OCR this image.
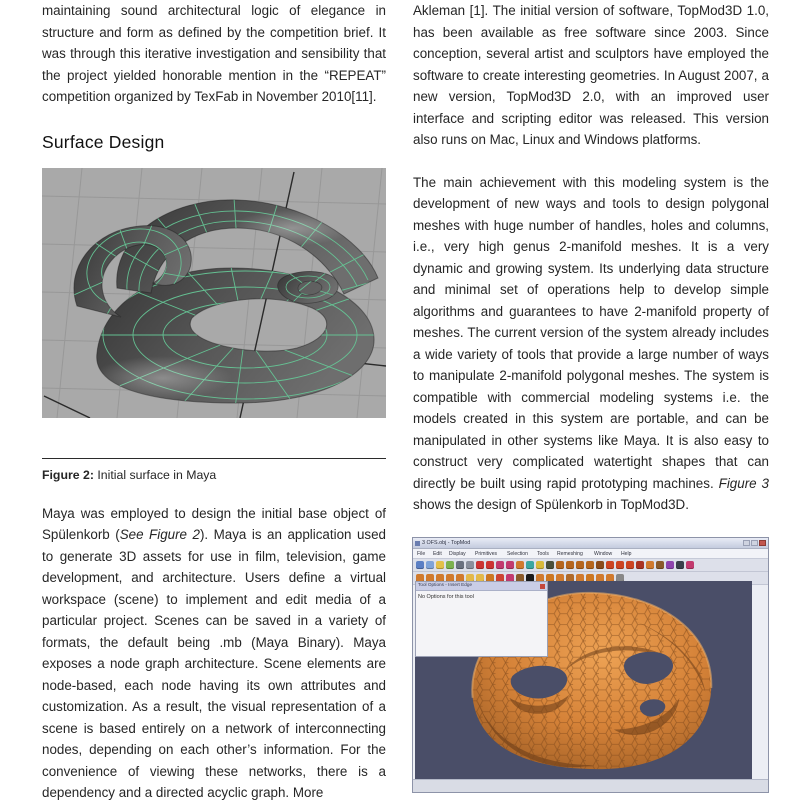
maintaining sound architectural logic of elegance in structure and form as defined by the competition brief. It was through this iterative investigation and sensibility that the project yielded honorable mention in the “REPEAT” competition organized by TexFab in November 2010[11].

Surface Design

Figure 2: Initial surface in Maya

Maya was employed to design the initial base object of Spülenkorb (See Figure 2). Maya is an application used to generate 3D assets for use in film, television, game development, and architecture. Users define a virtual workspace (scene) to implement and edit media of a particular project. Scenes can be saved in a variety of formats, the default being .mb (Maya Binary). Maya exposes a node graph architecture. Scene elements are node-based, each node having its own attributes and customization. As a result, the visual representation of a scene is based entirely on a network of interconnecting nodes, depending on each other’s information. For the convenience of viewing these networks, there is a dependency and a directed acyclic graph. More

Akleman [1]. The initial version of software, TopMod3D 1.0, has been available as free software since 2003. Since conception, several artist and sculptors have employed the software to create interesting geometries. In August 2007, a new version, TopMod3D 2.0, with an improved user interface and scripting editor was released. This version also runs on Mac, Linux and Windows platforms.

The main achievement with this modeling system is the development of new ways and tools to design polygonal meshes with huge number of handles, holes and columns, i.e., very high genus 2-manifold meshes. It is a very dynamic and growing system. Its underlying data structure and minimal set of operations help to develop simple algorithms and guarantees to have 2-manifold property of meshes. The current version of the system already includes a wide variety of tools that provide a large number of ways to manipulate 2-manifold polygonal meshes. The system is compatible with commercial modeling systems i.e. the models created in this system are portable, and can be manipulated in other systems like Maya. It is also easy to construct very complicated watertight shapes that can directly be built using rapid prototyping machines. Figure 3 shows the design of Spülenkorb in TopMod3D.

3 OFS.obj - TopMod
File Edit Display Primitives Selection Tools Remeshing Window Help
Tool Options - Insert Edge
No Options for this tool
